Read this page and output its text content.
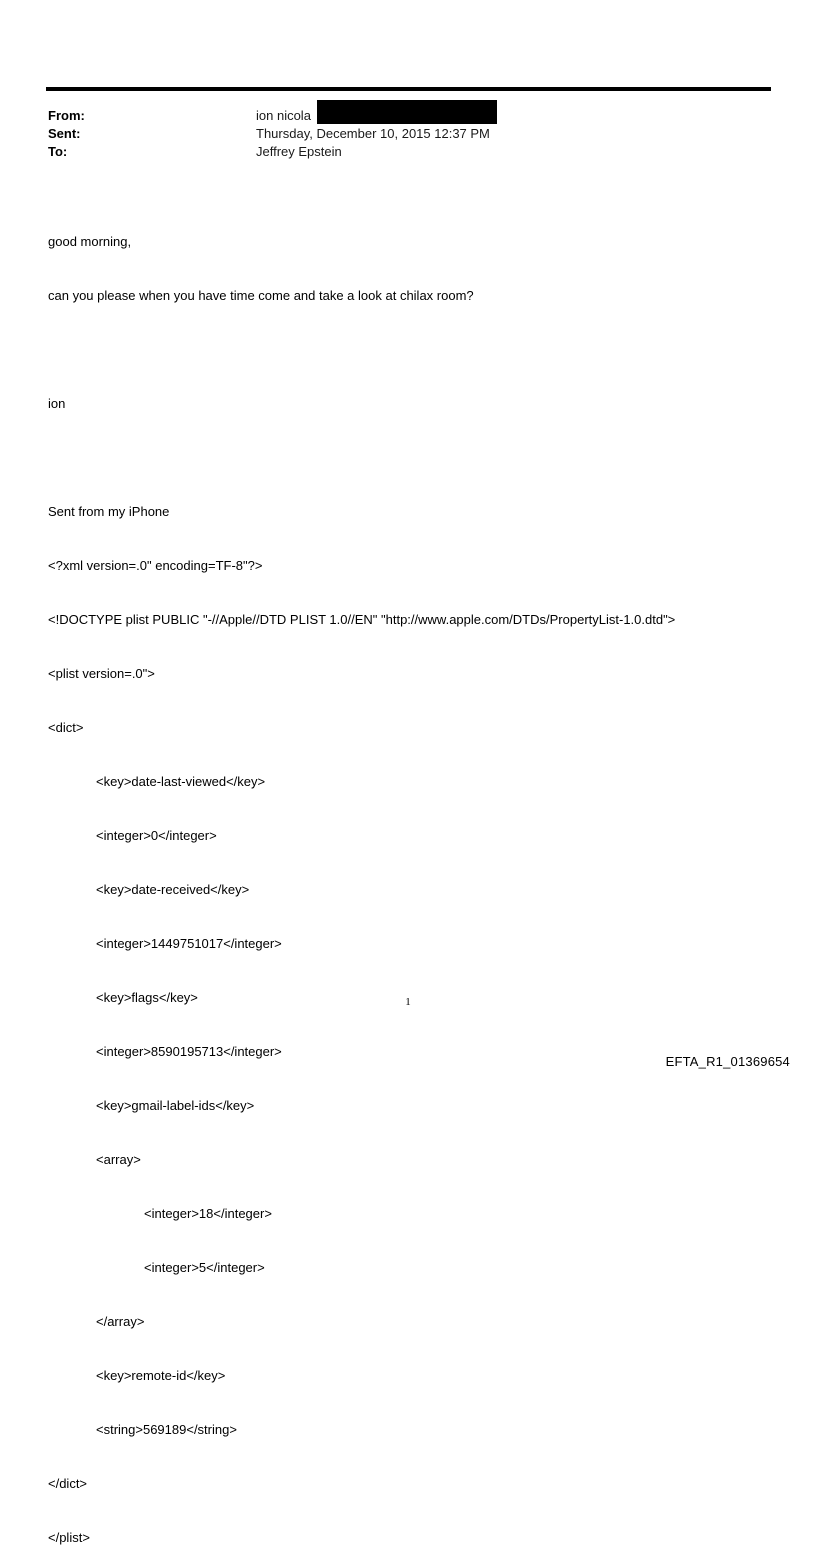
From:	ion nicola
Sent:	Thursday, December 10, 2015 12:37 PM
To:	Jeffrey Epstein

good morning,

can you please when you have time come and take a look at chilax room?

ion

Sent from my iPhone

<?xml version=.0" encoding=TF-8"?>

<!DOCTYPE plist PUBLIC "-//Apple//DTD PLIST 1.0//EN" "http://www.apple.com/DTDs/PropertyList-1.0.dtd">

<plist version=.0">

<dict>

<key>date-last-viewed</key>

<integer>0</integer>

<key>date-received</key>

<integer>1449751017</integer>

<key>flags</key>

<integer>8590195713</integer>

<key>gmail-label-ids</key>

<array>

<integer>18</integer>

<integer>5</integer>

</array>

<key>remote-id</key>

<string>569189</string>

</dict>

</plist>

1
EFTA_R1_01369654
